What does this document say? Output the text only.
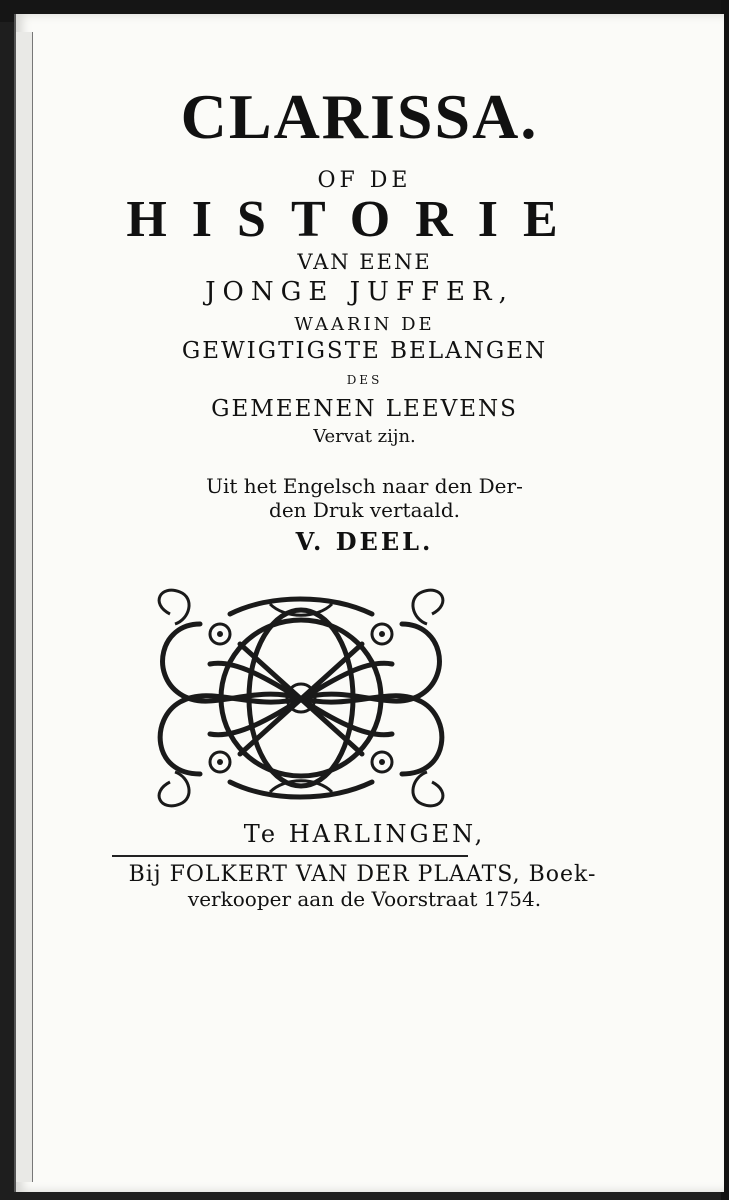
CLARISSA.
OF DE
HISTORIE
VAN EENE
JONGE JUFFER,
WAARIN DE
GEWIGTIGSTE BELANGEN
DES
GEMEENEN LEEVENS
Vervat zijn.
Uit het Engelsch naar den Der-
den Druk vertaald.
V. DEEL.
Te HARLINGEN,
Bij FOLKERT VAN DER PLAATS, Boek-
verkooper aan de Voorstraat 1754.
